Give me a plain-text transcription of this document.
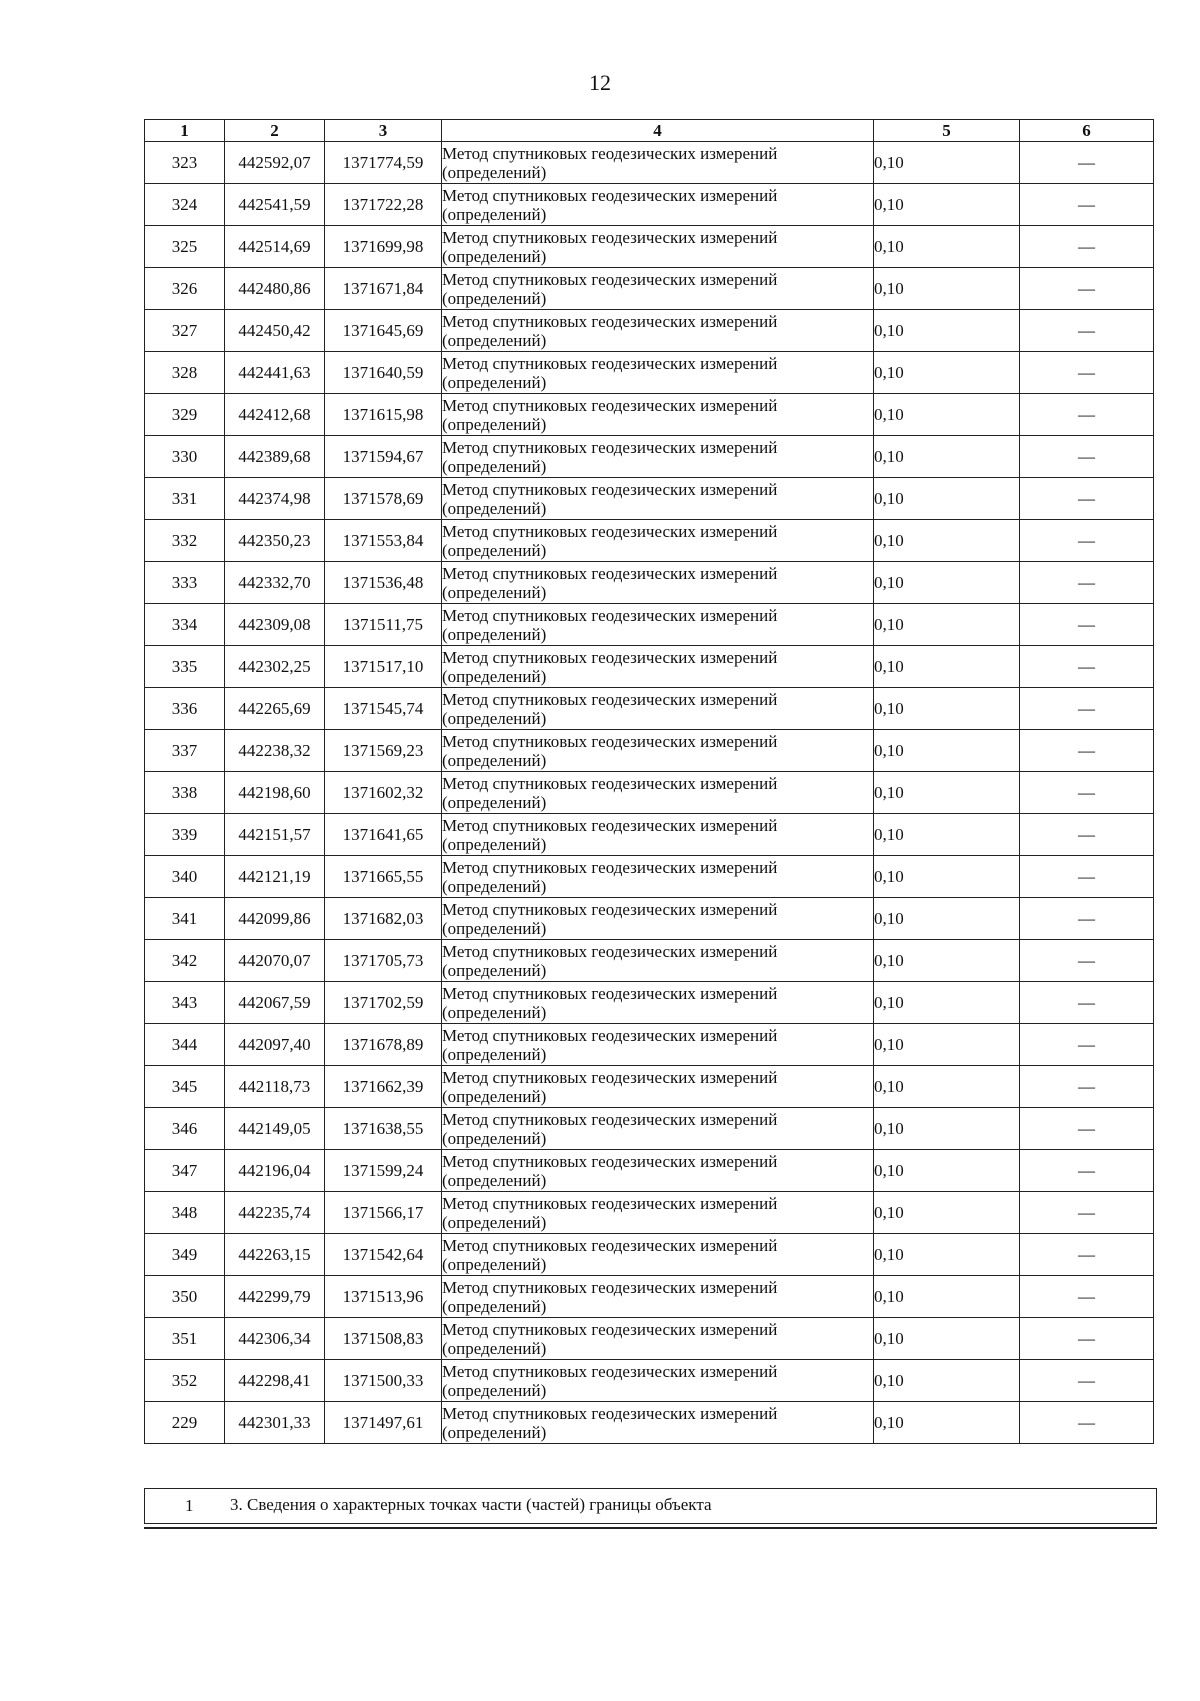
12
1	2	3	4	5	6
323	442592,07	1371774,59	Метод спутниковых геодезических измерений
(определений)	0,10	—
324	442541,59	1371722,28	Метод спутниковых геодезических измерений
(определений)	0,10	—
325	442514,69	1371699,98	Метод спутниковых геодезических измерений
(определений)	0,10	—
326	442480,86	1371671,84	Метод спутниковых геодезических измерений
(определений)	0,10	—
327	442450,42	1371645,69	Метод спутниковых геодезических измерений
(определений)	0,10	—
328	442441,63	1371640,59	Метод спутниковых геодезических измерений
(определений)	0,10	—
329	442412,68	1371615,98	Метод спутниковых геодезических измерений
(определений)	0,10	—
330	442389,68	1371594,67	Метод спутниковых геодезических измерений
(определений)	0,10	—
331	442374,98	1371578,69	Метод спутниковых геодезических измерений
(определений)	0,10	—
332	442350,23	1371553,84	Метод спутниковых геодезических измерений
(определений)	0,10	—
333	442332,70	1371536,48	Метод спутниковых геодезических измерений
(определений)	0,10	—
334	442309,08	1371511,75	Метод спутниковых геодезических измерений
(определений)	0,10	—
335	442302,25	1371517,10	Метод спутниковых геодезических измерений
(определений)	0,10	—
336	442265,69	1371545,74	Метод спутниковых геодезических измерений
(определений)	0,10	—
337	442238,32	1371569,23	Метод спутниковых геодезических измерений
(определений)	0,10	—
338	442198,60	1371602,32	Метод спутниковых геодезических измерений
(определений)	0,10	—
339	442151,57	1371641,65	Метод спутниковых геодезических измерений
(определений)	0,10	—
340	442121,19	1371665,55	Метод спутниковых геодезических измерений
(определений)	0,10	—
341	442099,86	1371682,03	Метод спутниковых геодезических измерений
(определений)	0,10	—
342	442070,07	1371705,73	Метод спутниковых геодезических измерений
(определений)	0,10	—
343	442067,59	1371702,59	Метод спутниковых геодезических измерений
(определений)	0,10	—
344	442097,40	1371678,89	Метод спутниковых геодезических измерений
(определений)	0,10	—
345	442118,73	1371662,39	Метод спутниковых геодезических измерений
(определений)	0,10	—
346	442149,05	1371638,55	Метод спутниковых геодезических измерений
(определений)	0,10	—
347	442196,04	1371599,24	Метод спутниковых геодезических измерений
(определений)	0,10	—
348	442235,74	1371566,17	Метод спутниковых геодезических измерений
(определений)	0,10	—
349	442263,15	1371542,64	Метод спутниковых геодезических измерений
(определений)	0,10	—
350	442299,79	1371513,96	Метод спутниковых геодезических измерений
(определений)	0,10	—
351	442306,34	1371508,83	Метод спутниковых геодезических измерений
(определений)	0,10	—
352	442298,41	1371500,33	Метод спутниковых геодезических измерений
(определений)	0,10	—
229	442301,33	1371497,61	Метод спутниковых геодезических измерений
(определений)	0,10	—
1 3. Сведения о характерных точках части (частей) границы объекта
